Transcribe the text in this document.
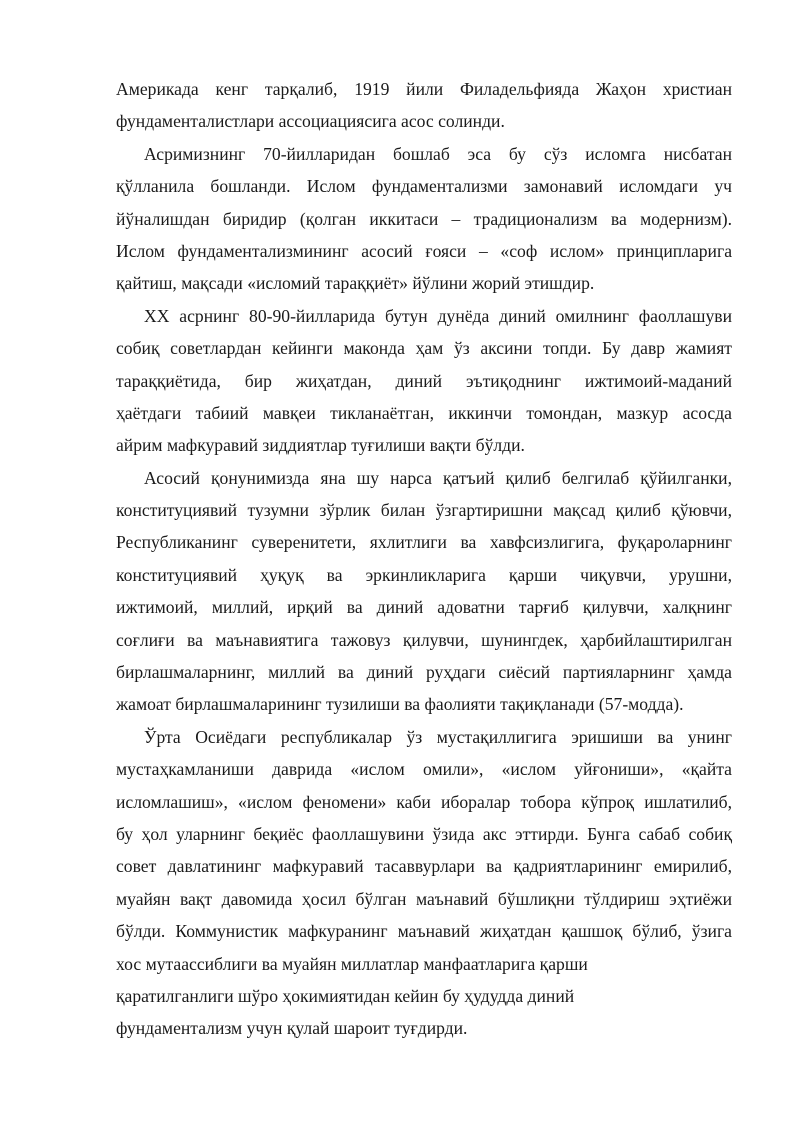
Америкада кенг тарқалиб, 1919 йили Филадельфияда Жаҳон христиан
фундаменталистлари ассоциациясига асос солинди.
Асримизнинг 70-йилларидан бошлаб эса бу сўз исломга нисбатан
қўлланила бошланди. Ислом фундаментализми замонавий исломдаги уч
йўналишдан биридир (қолган иккитаси – традиционализм ва модернизм).
Ислом фундаментализмининг асосий ғояси – «соф ислом» принципларига
қайтиш, мақсади «исломий тараққиёт» йўлини жорий этишдир.
XX асрнинг 80-90-йилларида бутун дунёда диний омилнинг фаоллашуви
собиқ советлардан кейинги маконда ҳам ўз аксини топди. Бу давр жамият
тараққиётида, бир жиҳатдан, диний эътиқоднинг ижтимоий-маданий
ҳаётдаги табиий мавқеи тикланаётган, иккинчи томондан, мазкур асосда
айрим мафкуравий зиддиятлар туғилиши вақти бўлди.
Асосий қонунимизда яна шу нарса қатъий қилиб белгилаб қўйилганки,
конституциявий тузумни зўрлик билан ўзгартиришни мақсад қилиб қўювчи,
Республиканинг суверенитети, яхлитлиги ва хавфсизлигига, фуқароларнинг
конституциявий ҳуқуқ ва эркинликларига қарши чиқувчи, урушни,
ижтимоий, миллий, ирқий ва диний адоватни тарғиб қилувчи, халқнинг
соғлиғи ва маънавиятига тажовуз қилувчи, шунингдек, ҳарбийлаштирилган
бирлашмаларнинг, миллий ва диний руҳдаги сиёсий партияларнинг ҳамда
жамоат бирлашмаларининг тузилиши ва фаолияти тақиқланади (57-модда).
Ўрта Осиёдаги республикалар ўз мустақиллигига эришиши ва унинг
мустаҳкамланиши даврида «ислом омили», «ислом уйғониши», «қайта
исломлашиш», «ислом феномени» каби иборалар тобора кўпроқ ишлатилиб,
бу ҳол уларнинг беқиёс фаоллашувини ўзида акс эттирди. Бунга сабаб собиқ
совет давлатининг мафкуравий тасаввурлари ва қадриятларининг емирилиб,
муайян вақт давомида ҳосил бўлган маънавий бўшлиқни тўлдириш эҳтиёжи
бўлди. Коммунистик мафкуранинг маънавий жиҳатдан қашшоқ бўлиб, ўзига
хос мутаассиблиги ва муайян миллатлар манфаатларига қарши
қаратилганлиги шўро ҳокимиятидан кейин бу ҳудудда диний
фундаментализм учун қулай шароит туғдирди.
